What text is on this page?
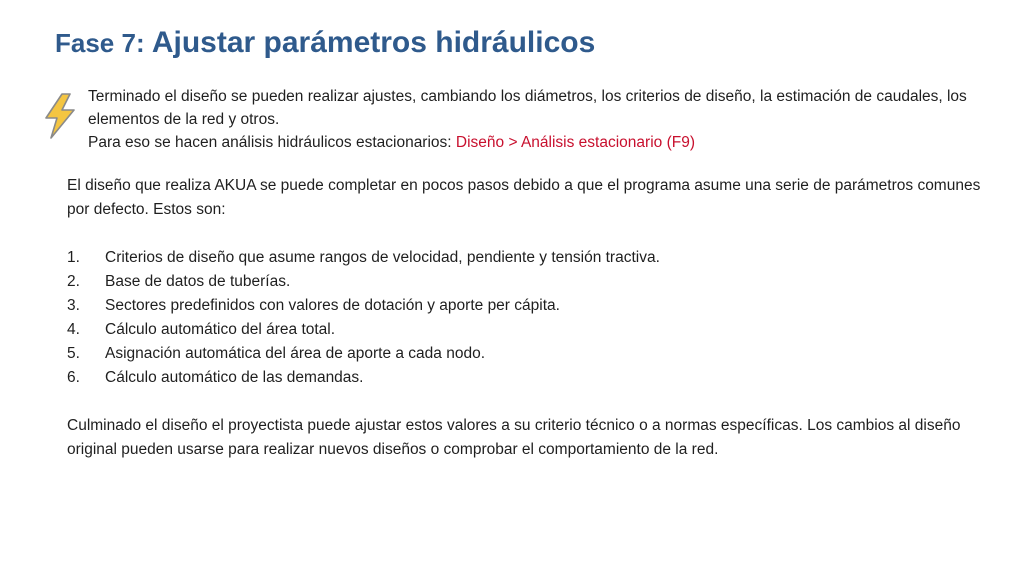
Fase 7: Ajustar parámetros hidráulicos

Terminado el diseño se pueden realizar ajustes, cambiando los diámetros, los criterios de diseño, la estimación de caudales, los elementos de la red y otros.

Para eso se hacen análisis hidráulicos estacionarios: Diseño > Análisis estacionario (F9)

El diseño que realiza AKUA se puede completar en pocos pasos debido a que el programa asume una serie de parámetros comunes por defecto. Estos son:

1. Criterios de diseño que asume rangos de velocidad, pendiente y tensión tractiva.
2. Base de datos de tuberías.
3. Sectores predefinidos con valores de dotación y aporte per cápita.
4. Cálculo automático del área total.
5. Asignación automática del área de aporte a cada nodo.
6. Cálculo automático de las demandas.

Culminado el diseño el proyectista puede ajustar estos valores a su criterio técnico o a normas específicas. Los cambios al diseño original pueden usarse para realizar nuevos diseños o comprobar el comportamiento de la red.
